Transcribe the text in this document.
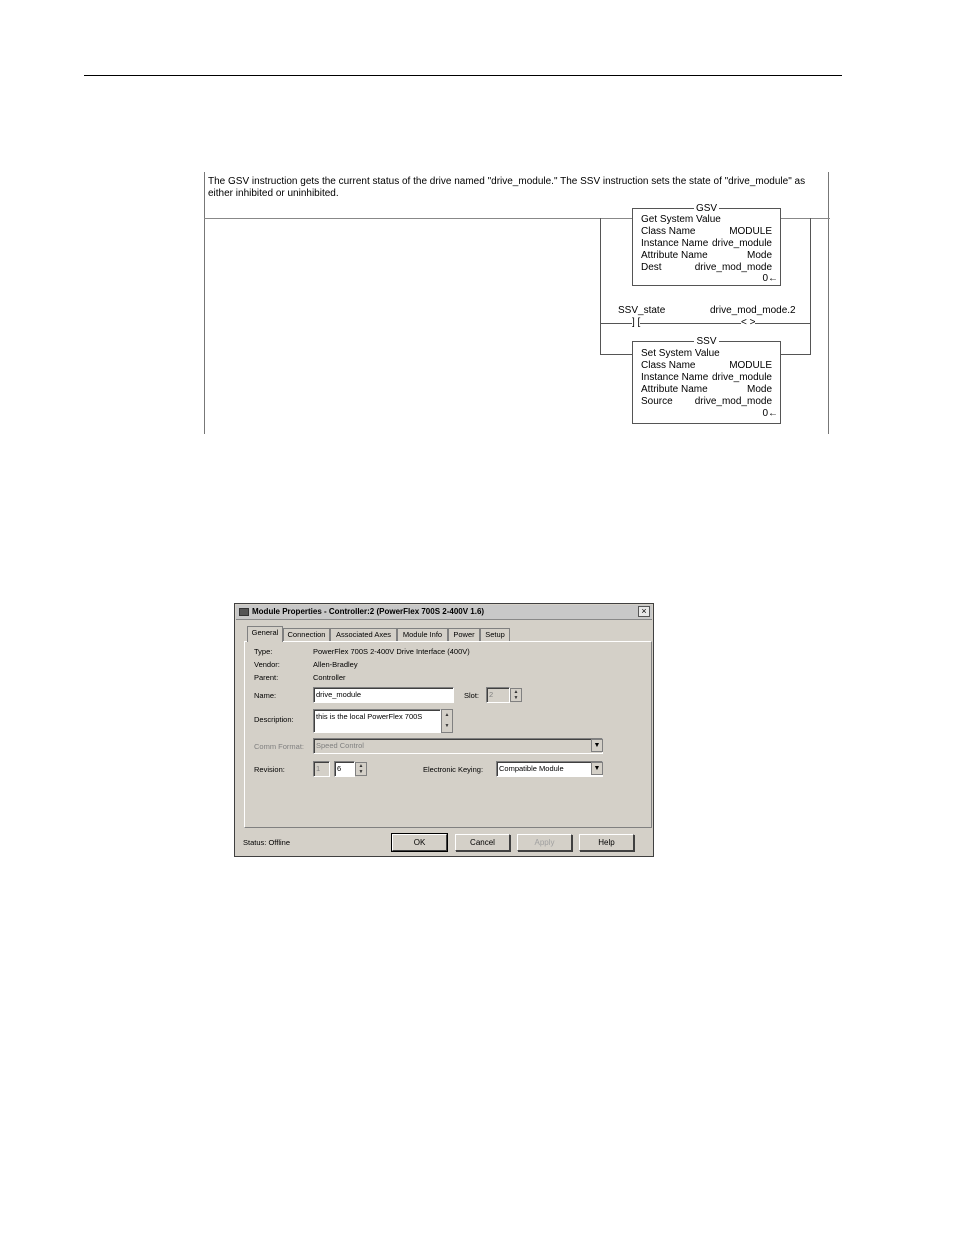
The GSV instruction gets the current status of the drive named "drive_module." The SSV instruction sets the state of "drive_module" as either inhibited or uninhibited.
GSV
Get System Value
Class Name	MODULE
Instance Name drive_module
Attribute Name	Mode
Dest	drive_mod_mode
0←
SSV_state
] [
drive_mod_mode.2
< >
SSV
Set System Value
Class Name	MODULE
Instance Name drive_module
Attribute Name	Mode
Source drive_mod_mode
0←
Module Properties - Controller:2 (PowerFlex 700S 2-400V 1.6)	×
General	Connection	Associated Axes	Module Info	Power	Setup
Type:	PowerFlex 700S 2-400V Drive Interface (400V)
Vendor:	Allen-Bradley
Parent:	Controller
Name:	drive_module	Slot:	2	▲
▼
Description:	this is the local PowerFlex 700S	▲
▼
Comm Format:	Speed Control	▼
Revision:	1	6	▲
▼	Electronic Keying:	Compatible Module	▼
Status: Offline	OK	Cancel	Apply	Help
